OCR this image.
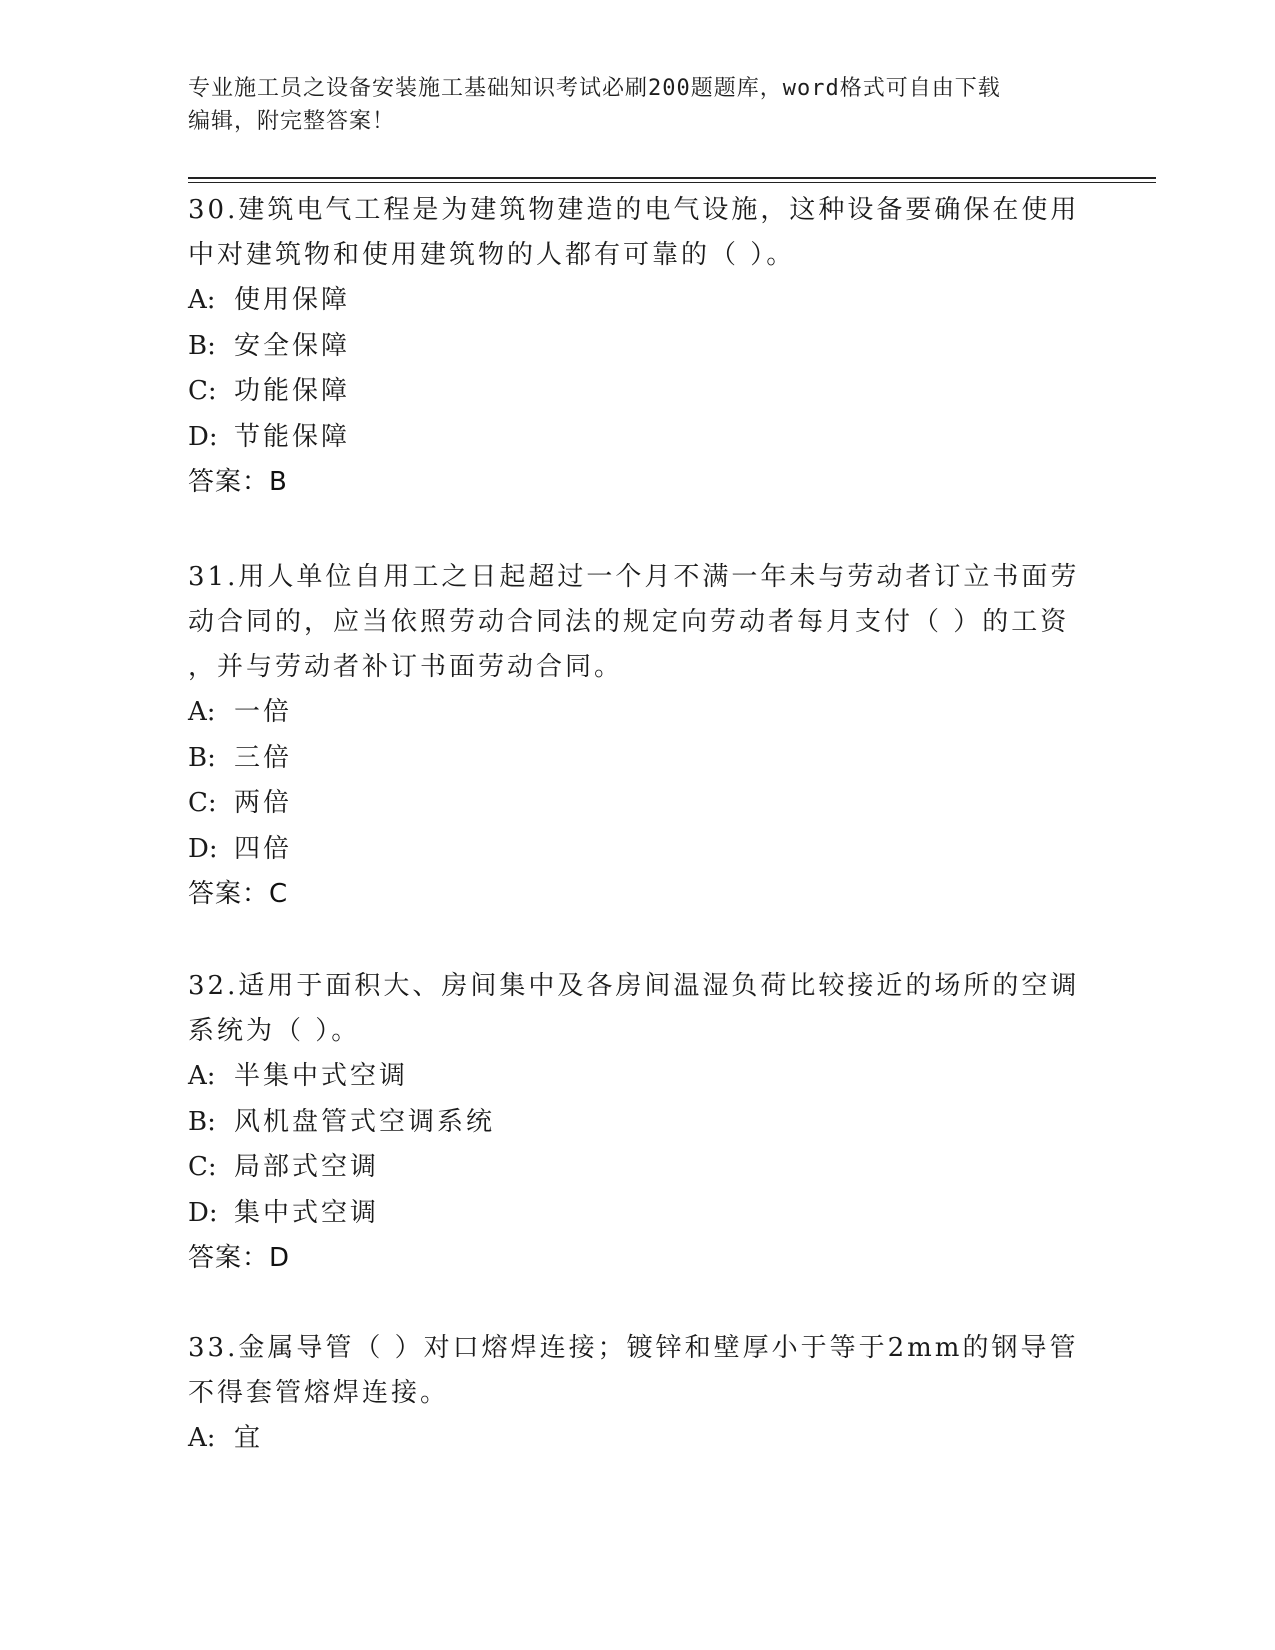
专业施工员之设备安装施工基础知识考试必刷200题题库，word格式可自由下载
编辑，附完整答案！
30.建筑电气工程是为建筑物建造的电气设施，这种设备要确保在使用
中对建筑物和使用建筑物的人都有可靠的（ ）。
A: 使用保障
B: 安全保障
C: 功能保障
D: 节能保障
答案：B
31.用人单位自用工之日起超过一个月不满一年未与劳动者订立书面劳
动合同的，应当依照劳动合同法的规定向劳动者每月支付（ ）的工资
，并与劳动者补订书面劳动合同。
A: 一倍
B: 三倍
C: 两倍
D: 四倍
答案：C
32.适用于面积大、房间集中及各房间温湿负荷比较接近的场所的空调
系统为（ ）。
A: 半集中式空调
B: 风机盘管式空调系统
C: 局部式空调
D: 集中式空调
答案：D
33.金属导管（ ）对口熔焊连接；镀锌和壁厚小于等于2mm的钢导管
不得套管熔焊连接。
A: 宜
